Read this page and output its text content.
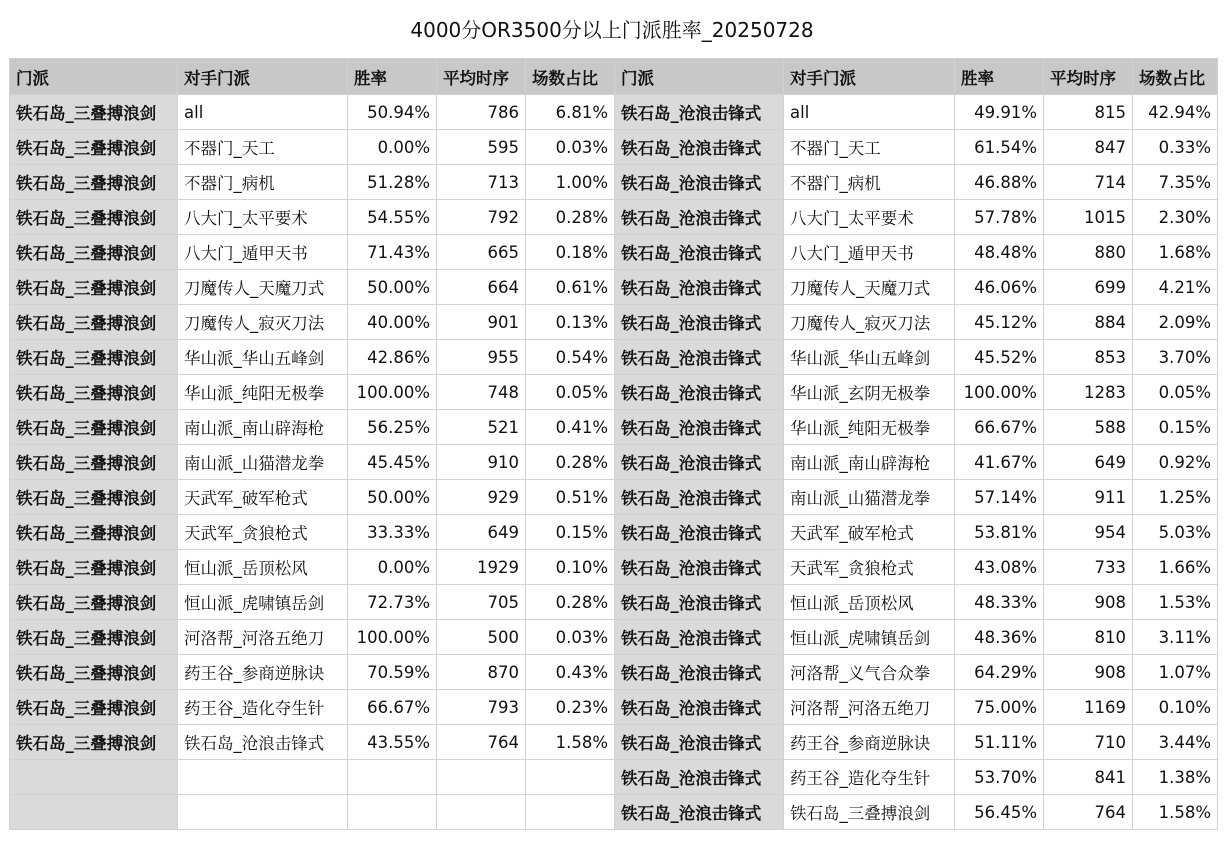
4000分OR3500分以上门派胜率_20250728
门派	对手门派	胜率	平均时序	场数占比	门派	对手门派	胜率	平均时序	场数占比
铁石岛_三叠搏浪剑	all	50.94%	786	6.81%	铁石岛_沧浪击锋式	all	49.91%	815	42.94%
铁石岛_三叠搏浪剑	不器门_天工	0.00%	595	0.03%	铁石岛_沧浪击锋式	不器门_天工	61.54%	847	0.33%
铁石岛_三叠搏浪剑	不器门_病机	51.28%	713	1.00%	铁石岛_沧浪击锋式	不器门_病机	46.88%	714	7.35%
铁石岛_三叠搏浪剑	八大门_太平要术	54.55%	792	0.28%	铁石岛_沧浪击锋式	八大门_太平要术	57.78%	1015	2.30%
铁石岛_三叠搏浪剑	八大门_遁甲天书	71.43%	665	0.18%	铁石岛_沧浪击锋式	八大门_遁甲天书	48.48%	880	1.68%
铁石岛_三叠搏浪剑	刀魔传人_天魔刀式	50.00%	664	0.61%	铁石岛_沧浪击锋式	刀魔传人_天魔刀式	46.06%	699	4.21%
铁石岛_三叠搏浪剑	刀魔传人_寂灭刀法	40.00%	901	0.13%	铁石岛_沧浪击锋式	刀魔传人_寂灭刀法	45.12%	884	2.09%
铁石岛_三叠搏浪剑	华山派_华山五峰剑	42.86%	955	0.54%	铁石岛_沧浪击锋式	华山派_华山五峰剑	45.52%	853	3.70%
铁石岛_三叠搏浪剑	华山派_纯阳无极拳	100.00%	748	0.05%	铁石岛_沧浪击锋式	华山派_玄阴无极拳	100.00%	1283	0.05%
铁石岛_三叠搏浪剑	南山派_南山辟海枪	56.25%	521	0.41%	铁石岛_沧浪击锋式	华山派_纯阳无极拳	66.67%	588	0.15%
铁石岛_三叠搏浪剑	南山派_山猫潜龙拳	45.45%	910	0.28%	铁石岛_沧浪击锋式	南山派_南山辟海枪	41.67%	649	0.92%
铁石岛_三叠搏浪剑	天武军_破军枪式	50.00%	929	0.51%	铁石岛_沧浪击锋式	南山派_山猫潜龙拳	57.14%	911	1.25%
铁石岛_三叠搏浪剑	天武军_贪狼枪式	33.33%	649	0.15%	铁石岛_沧浪击锋式	天武军_破军枪式	53.81%	954	5.03%
铁石岛_三叠搏浪剑	恒山派_岳顶松风	0.00%	1929	0.10%	铁石岛_沧浪击锋式	天武军_贪狼枪式	43.08%	733	1.66%
铁石岛_三叠搏浪剑	恒山派_虎啸镇岳剑	72.73%	705	0.28%	铁石岛_沧浪击锋式	恒山派_岳顶松风	48.33%	908	1.53%
铁石岛_三叠搏浪剑	河洛帮_河洛五绝刀	100.00%	500	0.03%	铁石岛_沧浪击锋式	恒山派_虎啸镇岳剑	48.36%	810	3.11%
铁石岛_三叠搏浪剑	药王谷_参商逆脉诀	70.59%	870	0.43%	铁石岛_沧浪击锋式	河洛帮_义气合众拳	64.29%	908	1.07%
铁石岛_三叠搏浪剑	药王谷_造化夺生针	66.67%	793	0.23%	铁石岛_沧浪击锋式	河洛帮_河洛五绝刀	75.00%	1169	0.10%
铁石岛_三叠搏浪剑	铁石岛_沧浪击锋式	43.55%	764	1.58%	铁石岛_沧浪击锋式	药王谷_参商逆脉诀	51.11%	710	3.44%
					铁石岛_沧浪击锋式	药王谷_造化夺生针	53.70%	841	1.38%
					铁石岛_沧浪击锋式	铁石岛_三叠搏浪剑	56.45%	764	1.58%
